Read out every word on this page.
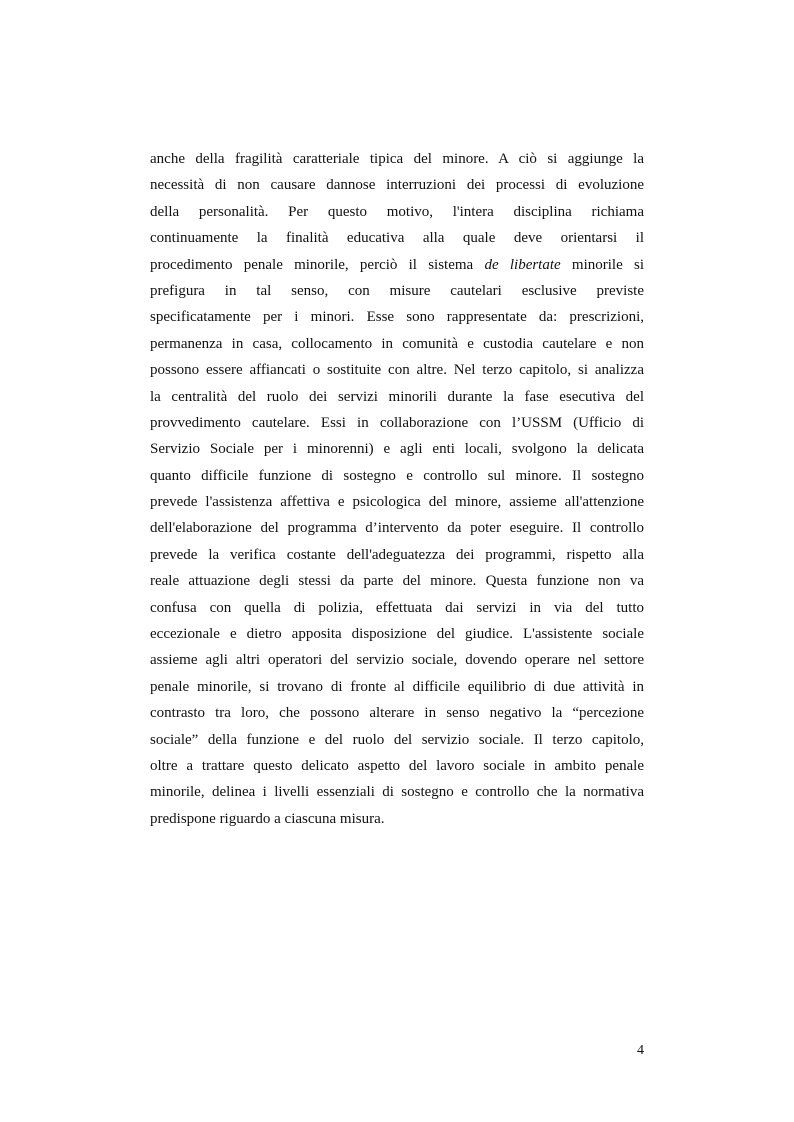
anche della fragilità caratteriale tipica del minore. A ciò si aggiunge la
necessità di non causare dannose interruzioni dei processi di evoluzione
della personalità. Per questo motivo, l'intera disciplina richiama
continuamente la finalità educativa alla quale deve orientarsi il
procedimento penale minorile, perciò il sistema de libertate minorile si
prefigura in tal senso, con misure cautelari esclusive previste
specificatamente per i minori. Esse sono rappresentate da: prescrizioni,
permanenza in casa, collocamento in comunità e custodia cautelare e non
possono essere affiancati o sostituite con altre. Nel terzo capitolo, si analizza
la centralità del ruolo dei servizi minorili durante la fase esecutiva del
provvedimento cautelare. Essi in collaborazione con l’USSM (Ufficio di
Servizio Sociale per i minorenni) e agli enti locali, svolgono la delicata
quanto difficile funzione di sostegno e controllo sul minore. Il sostegno
prevede l'assistenza affettiva e psicologica del minore, assieme all'attenzione
dell'elaborazione del programma d’intervento da poter eseguire. Il controllo
prevede la verifica costante dell'adeguatezza dei programmi, rispetto alla
reale attuazione degli stessi da parte del minore. Questa funzione non va
confusa con quella di polizia, effettuata dai servizi in via del tutto
eccezionale e dietro apposita disposizione del giudice. L'assistente sociale
assieme agli altri operatori del servizio sociale, dovendo operare nel settore
penale minorile, si trovano di fronte al difficile equilibrio di due attività in
contrasto tra loro, che possono alterare in senso negativo la “percezione
sociale” della funzione e del ruolo del servizio sociale. Il terzo capitolo,
oltre a trattare questo delicato aspetto del lavoro sociale in ambito penale
minorile, delinea i livelli essenziali di sostegno e controllo che la normativa
predispone riguardo a ciascuna misura.
4
